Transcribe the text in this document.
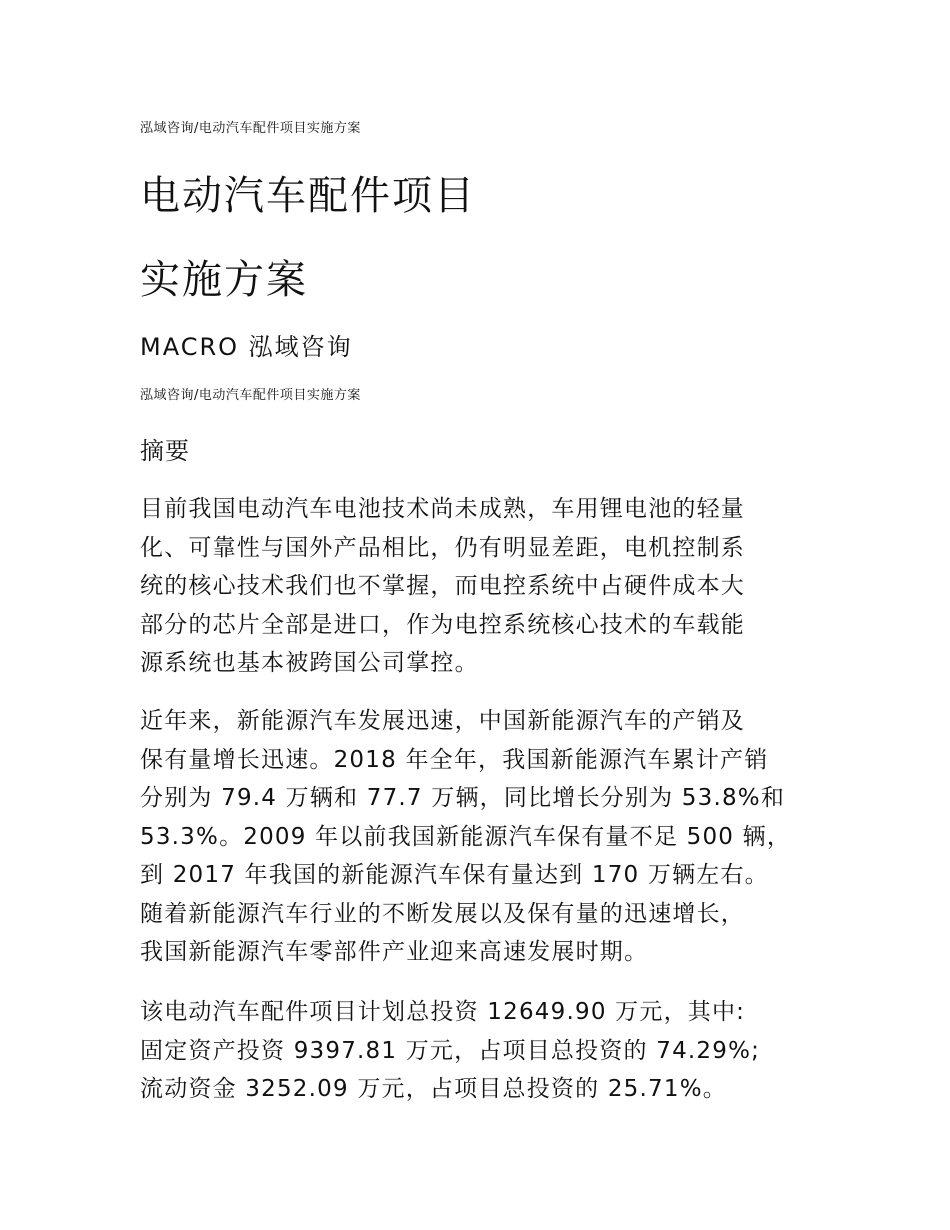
泓域咨询/电动汽车配件项目实施方案
电动汽车配件项目
实施方案
MACRO 泓域咨询
泓域咨询/电动汽车配件项目实施方案
摘要
目前我国电动汽车电池技术尚未成熟，车用锂电池的轻量
化、可靠性与国外产品相比，仍有明显差距，电机控制系
统的核心技术我们也不掌握，而电控系统中占硬件成本大
部分的芯片全部是进口，作为电控系统核心技术的车载能
源系统也基本被跨国公司掌控。
近年来，新能源汽车发展迅速，中国新能源汽车的产销及
保有量增长迅速。2018 年全年，我国新能源汽车累计产销
分别为 79.4 万辆和 77.7 万辆，同比增长分别为 53.8%和
53.3%。2009 年以前我国新能源汽车保有量不足 500 辆，
到 2017 年我国的新能源汽车保有量达到 170 万辆左右。
随着新能源汽车行业的不断发展以及保有量的迅速增长，
我国新能源汽车零部件产业迎来高速发展时期。
该电动汽车配件项目计划总投资 12649.90 万元，其中:
固定资产投资 9397.81 万元，占项目总投资的 74.29%;
流动资金 3252.09 万元，占项目总投资的 25.71%。
